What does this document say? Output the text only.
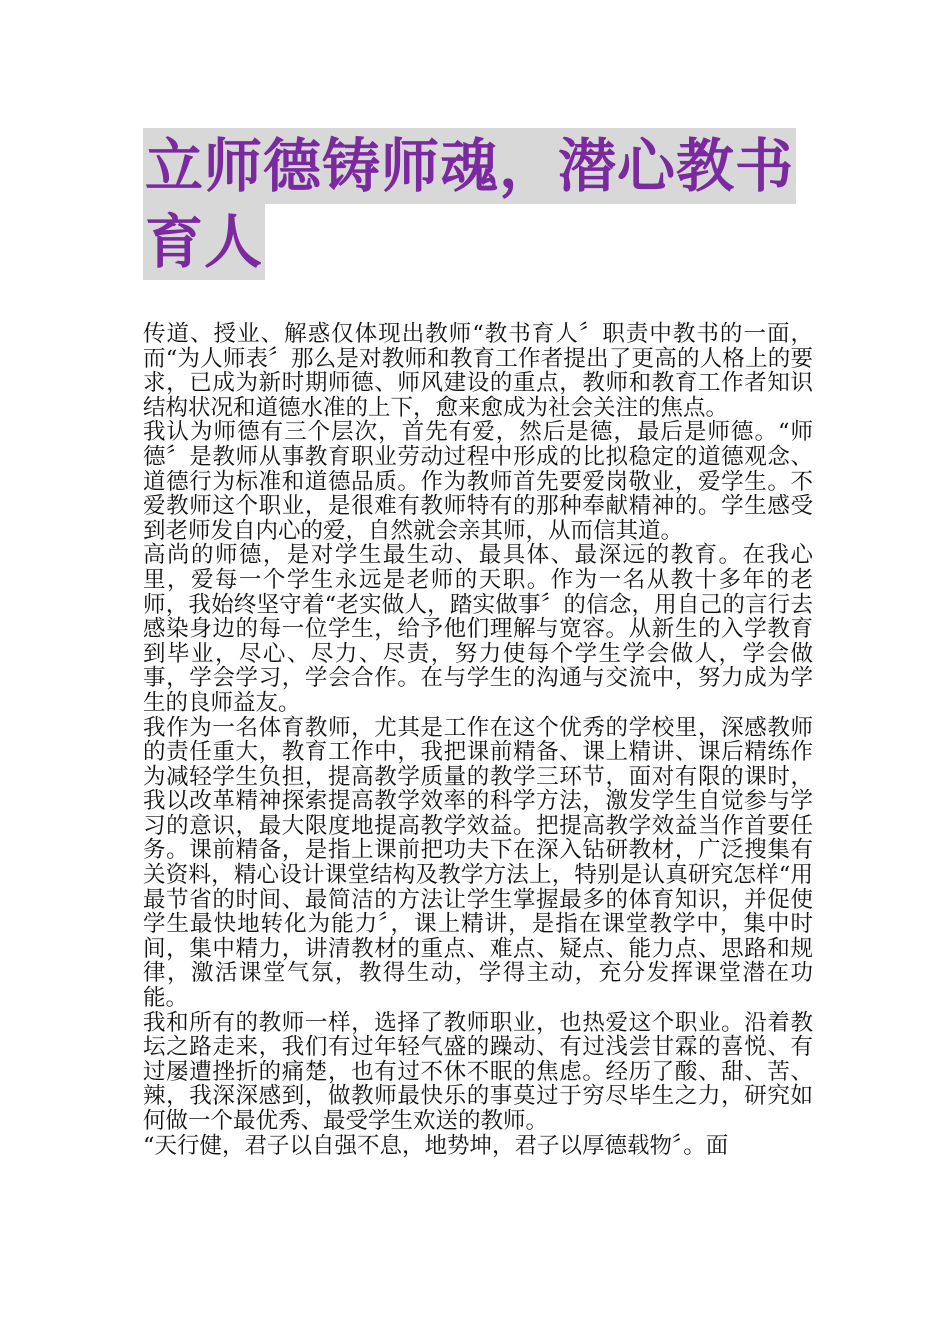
立师德铸师魂，潜心教书
育人

传道、授业、解惑仅体现出教师“教书育人〞职责中教书的一面，而“为人师表〞那么是对教师和教育工作者提出了更高的人格上的要求，已成为新时期师德、师风建设的重点，教师和教育工作者知识结构状况和道德水准的上下，愈来愈成为社会关注的焦点。

我认为师德有三个层次，首先有爱，然后是德，最后是师德。“师德〞是教师从事教育职业劳动过程中形成的比拟稳定的道德观念、道德行为标准和道德品质。作为教师首先要爱岗敬业，爱学生。不爱教师这个职业，是很难有教师特有的那种奉献精神的。学生感受到老师发自内心的爱，自然就会亲其师，从而信其道。

高尚的师德，是对学生最生动、最具体、最深远的教育。在我心里，爱每一个学生永远是老师的天职。作为一名从教十多年的老师，我始终坚守着“老实做人，踏实做事〞的信念，用自己的言行去感染身边的每一位学生，给予他们理解与宽容。从新生的入学教育到毕业，尽心、尽力、尽责，努力使每个学生学会做人，学会做事，学会学习，学会合作。在与学生的沟通与交流中，努力成为学生的良师益友。

我作为一名体育教师，尤其是工作在这个优秀的学校里，深感教师的责任重大，教育工作中，我把课前精备、课上精讲、课后精练作为减轻学生负担，提高教学质量的教学三环节，面对有限的课时，我以改革精神探索提高教学效率的科学方法，激发学生自觉参与学习的意识，最大限度地提高教学效益。把提高教学效益当作首要任务。课前精备，是指上课前把功夫下在深入钻研教材，广泛搜集有关资料，精心设计课堂结构及教学方法上，特别是认真研究怎样“用最节省的时间、最简洁的方法让学生掌握最多的体育知识，并促使学生最快地转化为能力〞，课上精讲，是指在课堂教学中，集中时间，集中精力，讲清教材的重点、难点、疑点、能力点、思路和规律，激活课堂气氛，教得生动，学得主动，充分发挥课堂潜在功能。

我和所有的教师一样，选择了教师职业，也热爱这个职业。沿着教坛之路走来，我们有过年轻气盛的躁动、有过浅尝甘霖的喜悦、有过屡遭挫折的痛楚，也有过不休不眠的焦虑。经历了酸、甜、苦、辣，我深深感到，做教师最快乐的事莫过于穷尽毕生之力，研究如何做一个最优秀、最受学生欢送的教师。

“天行健，君子以自强不息，地势坤，君子以厚德载物〞。面
